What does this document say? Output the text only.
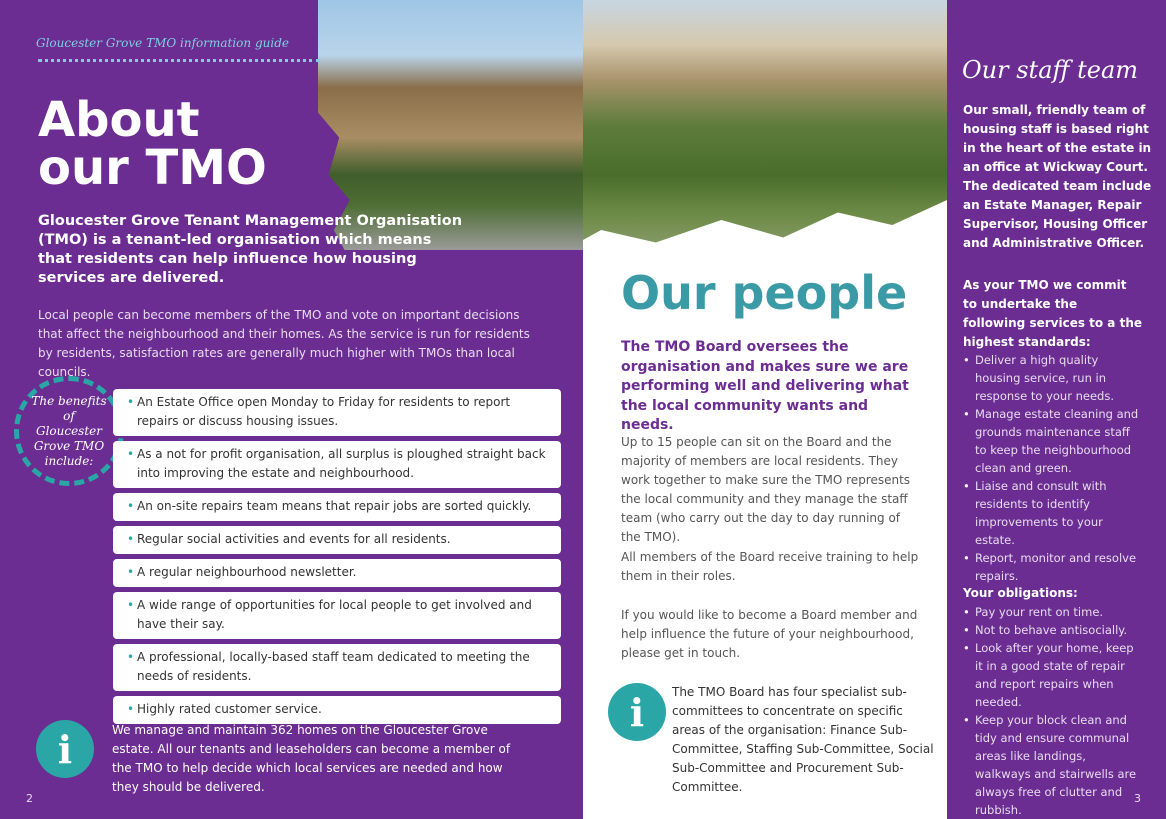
Gloucester Grove TMO information guide
About
our TMO
Gloucester Grove Tenant Management Organisation (TMO) is a tenant-led organisation which means that residents can help influence how housing services are delivered.
Local people can become members of the TMO and vote on important decisions that affect the neighbourhood and their homes. As the service is run for residents by residents, satisfaction rates are generally much higher with TMOs than local councils.
The benefits of Gloucester Grove TMO include:
• An Estate Office open Monday to Friday for residents to report repairs or discuss housing issues.
• As a not for profit organisation, all surplus is ploughed straight back into improving the estate and neighbourhood.
• An on-site repairs team means that repair jobs are sorted quickly.
• Regular social activities and events for all residents.
• A regular neighbourhood newsletter.
• A wide range of opportunities for local people to get involved and have their say.
• A professional, locally-based staff team dedicated to meeting the needs of residents.
• Highly rated customer service.
i	We manage and maintain 362 homes on the Gloucester Grove estate. All our tenants and leaseholders can become a member of the TMO to help decide which local services are needed and how they should be delivered.
2
Our people
The TMO Board oversees the organisation and makes sure we are performing well and delivering what the local community wants and needs.
Up to 15 people can sit on the Board and the majority of members are local residents. They work together to make sure the TMO represents the local community and they manage the staff team (who carry out the day to day running of the TMO).
All members of the Board receive training to help them in their roles.
If you would like to become a Board member and help influence the future of your neighbourhood, please get in touch.
i	The TMO Board has four specialist sub-committees to concentrate on specific areas of the organisation: Finance Sub-Committee, Staffing Sub-Committee, Social Sub-Committee and Procurement Sub-Committee.
Our staff team
Our small, friendly team of housing staff is based right in the heart of the estate in an office at Wickway Court. The dedicated team include an Estate Manager, Repair Supervisor, Housing Officer and Administrative Officer.
As your TMO we commit to undertake the following services to a the highest standards:
• Deliver a high quality housing service, run in response to your needs.
• Manage estate cleaning and grounds maintenance staff to keep the neighbourhood clean and green.
• Liaise and consult with residents to identify improvements to your estate.
• Report, monitor and resolve repairs.
Your obligations:
• Pay your rent on time.
• Not to behave antisocially.
• Look after your home, keep it in a good state of repair and report repairs when needed.
• Keep your block clean and tidy and ensure communal areas like landings, walkways and stairwells are always free of clutter and rubbish.
3
